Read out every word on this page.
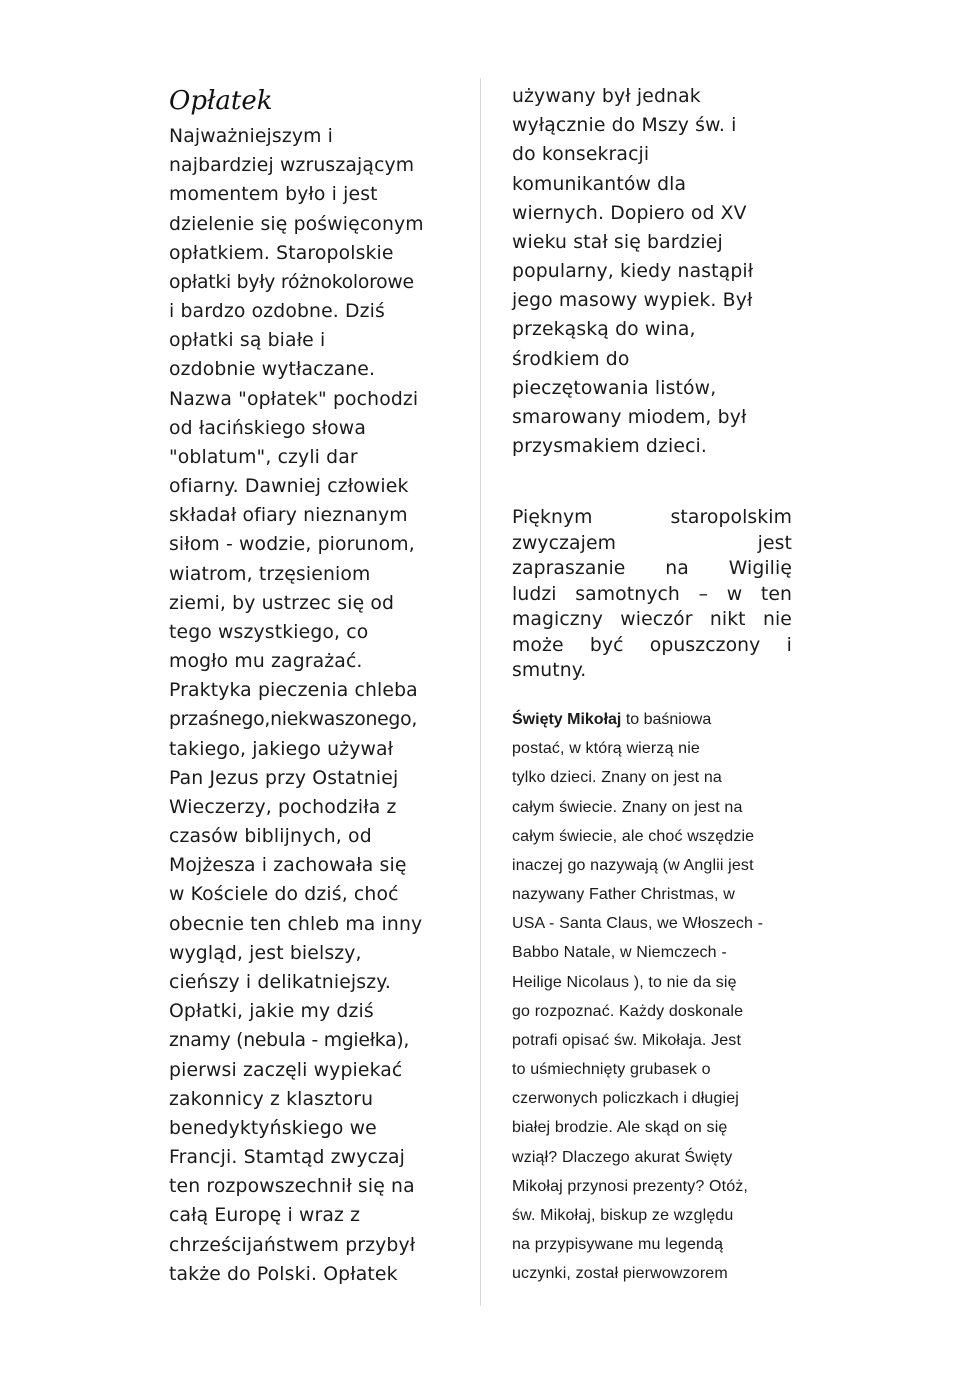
Opłatek
Najważniejszym i
najbardziej wzruszającym
momentem było i jest
dzielenie się poświęconym
opłatkiem. Staropolskie
opłatki były różnokolorowe
i bardzo ozdobne. Dziś
opłatki są białe i
ozdobnie wytłaczane.
Nazwa "opłatek" pochodzi
od łacińskiego słowa
"oblatum", czyli dar
ofiarny. Dawniej człowiek
składał ofiary nieznanym
siłom - wodzie, piorunom,
wiatrom, trzęsieniom
ziemi, by ustrzec się od
tego wszystkiego, co
mogło mu zagrażać.
Praktyka pieczenia chleba
przaśnego,niekwaszonego,
takiego, jakiego używał
Pan Jezus przy Ostatniej
Wieczerzy, pochodziła z
czasów biblijnych, od
Mojżesza i zachowała się
w Kościele do dziś, choć
obecnie ten chleb ma inny
wygląd, jest bielszy,
cieńszy i delikatniejszy.
Opłatki, jakie my dziś
znamy (nebula - mgiełka),
pierwsi zaczęli wypiekać
zakonnicy z klasztoru
benedyktyńskiego we
Francji. Stamtąd zwyczaj
ten rozpowszechnił się na
całą Europę i wraz z
chrześcijaństwem przybył
także do Polski. Opłatek
używany był jednak
wyłącznie do Mszy św. i
do konsekracji
komunikantów dla
wiernych. Dopiero od XV
wieku stał się bardziej
popularny, kiedy nastąpił
jego masowy wypiek. Był
przekąską do wina,
środkiem do
pieczętowania listów,
smarowany miodem, był
przysmakiem dzieci.
Pięknym	staropolskim
zwyczajem	jest
zapraszanie na Wigilię
ludzi samotnych – w ten
magiczny wieczór nikt nie
może być opuszczony i
smutny.
Święty Mikołaj to baśniowa
postać, w którą wierzą nie
tylko dzieci. Znany on jest na
całym świecie. Znany on jest na
całym świecie, ale choć wszędzie
inaczej go nazywają (w Anglii jest
nazywany Father Christmas, w
USA - Santa Claus, we Włoszech -
Babbo Natale, w Niemczech -
Heilige Nicolaus ), to nie da się
go rozpoznać. Każdy doskonale
potrafi opisać św. Mikołaja. Jest
to uśmiechnięty grubasek o
czerwonych policzkach i długiej
białej brodzie. Ale skąd on się
wziął? Dlaczego akurat Święty
Mikołaj przynosi prezenty? Otóż,
św. Mikołaj, biskup ze względu
na przypisywane mu legendą
uczynki, został pierwowzorem
